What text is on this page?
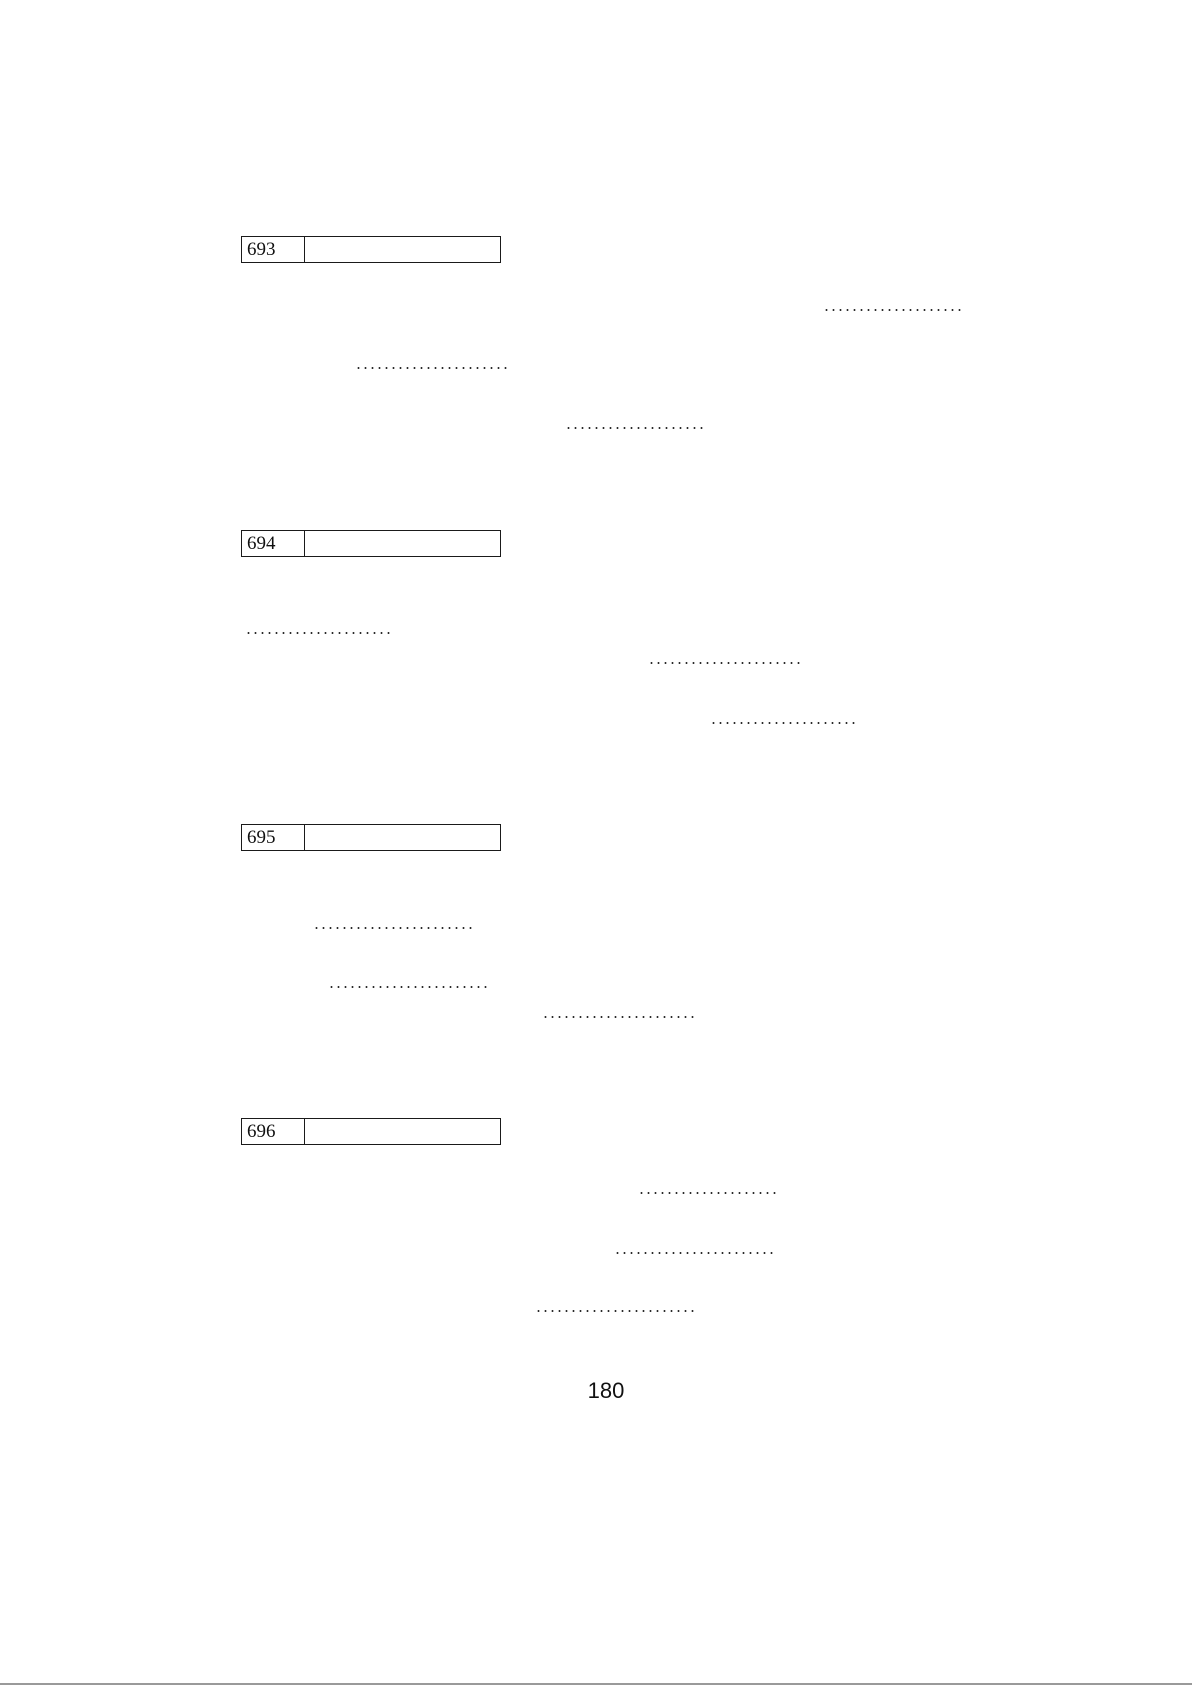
693
694
695
696
180
